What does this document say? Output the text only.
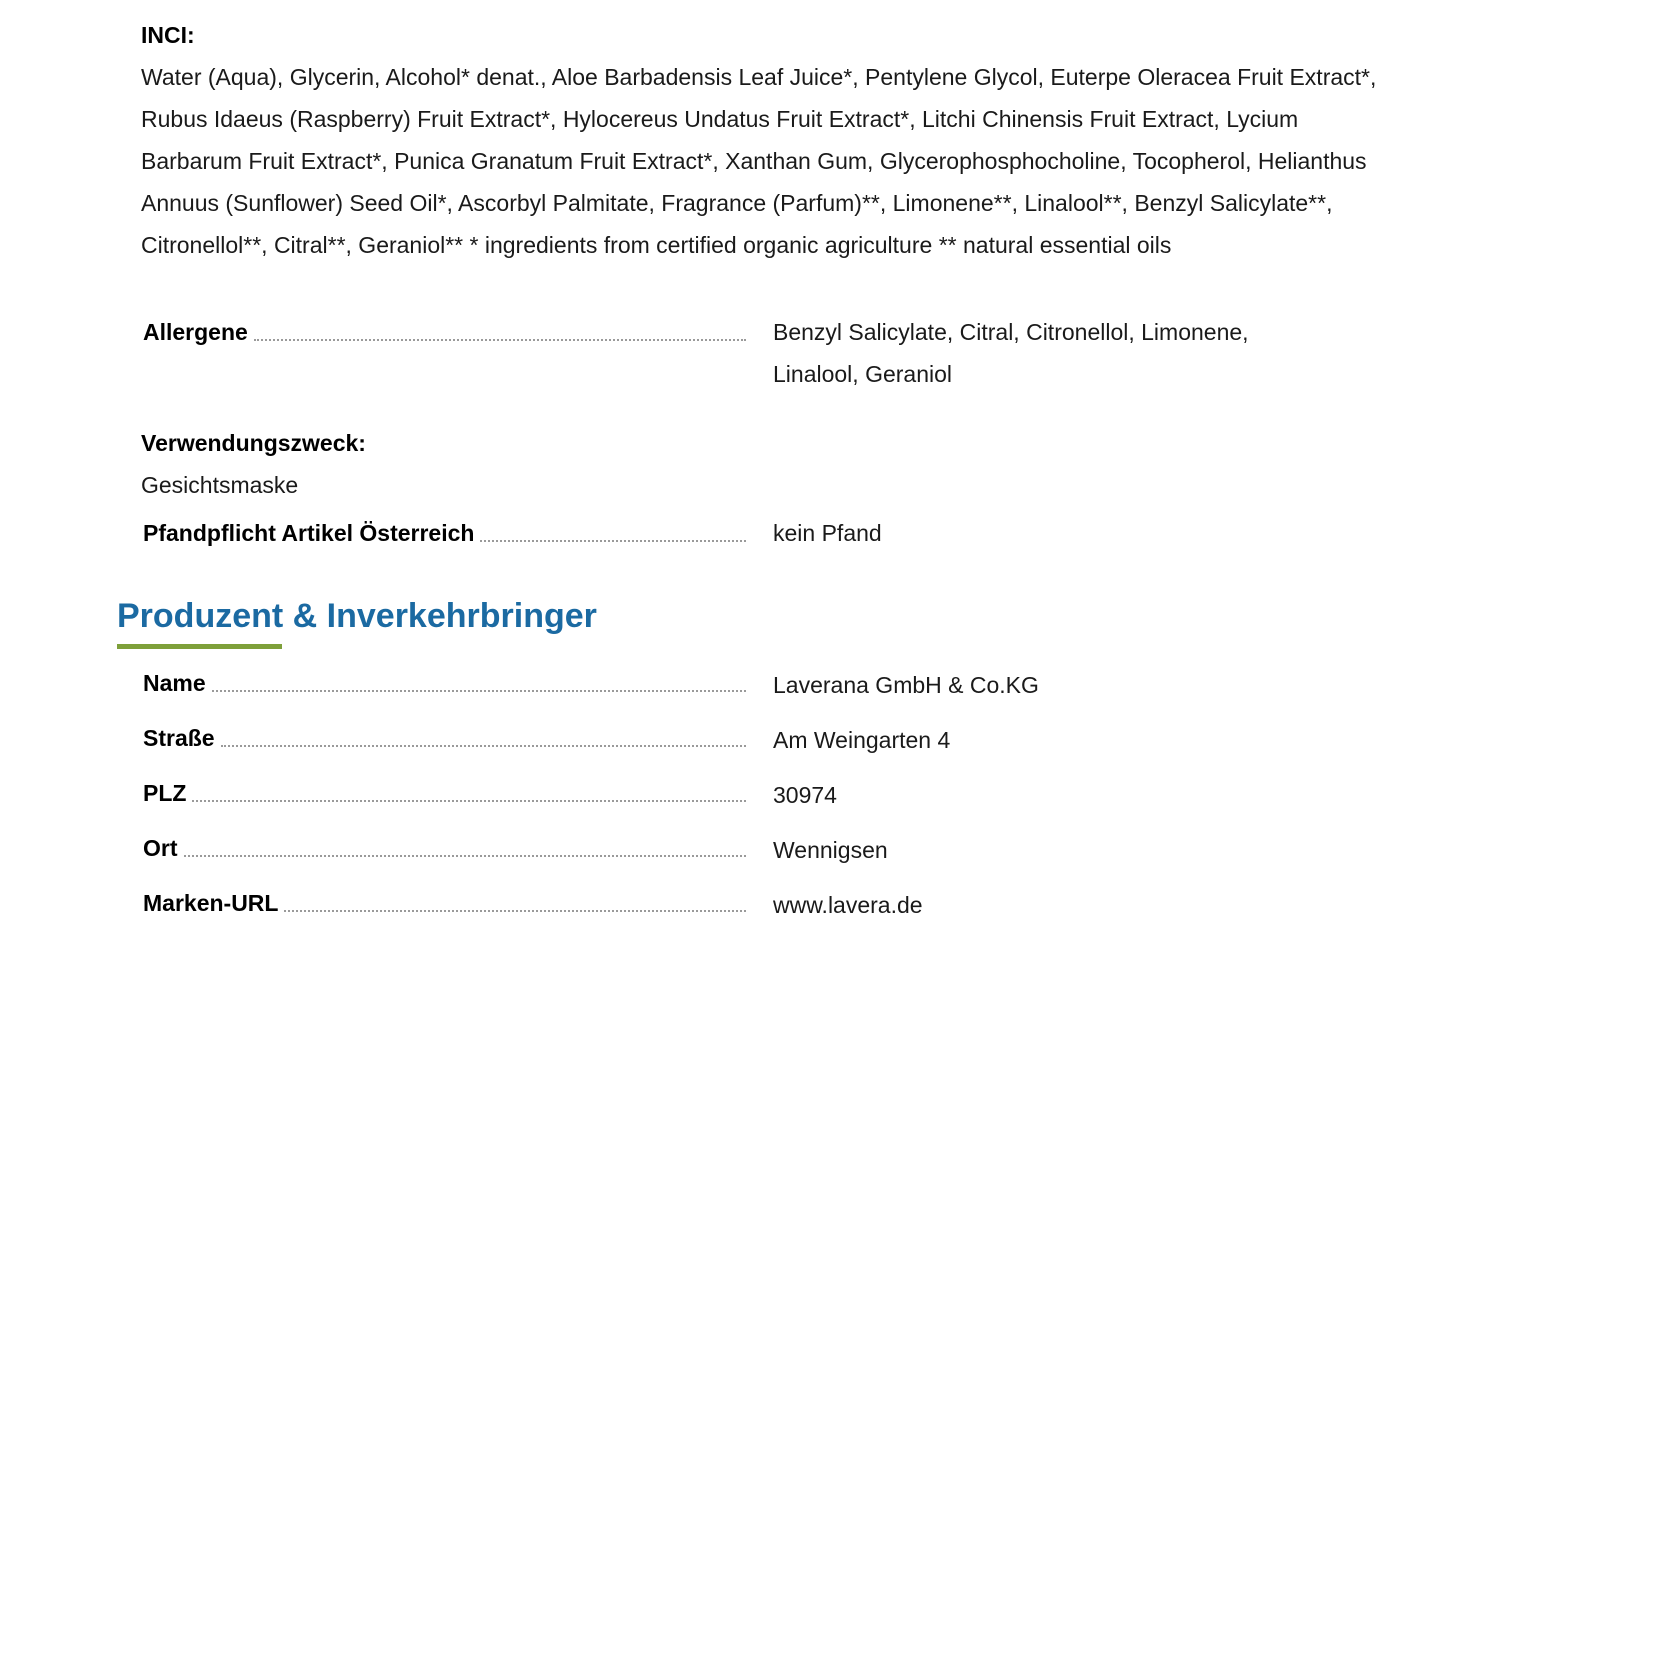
INCI:
Water (Aqua), Glycerin, Alcohol* denat., Aloe Barbadensis Leaf Juice*, Pentylene Glycol, Euterpe Oleracea Fruit Extract*, Rubus Idaeus (Raspberry) Fruit Extract*, Hylocereus Undatus Fruit Extract*, Litchi Chinensis Fruit Extract, Lycium Barbarum Fruit Extract*, Punica Granatum Fruit Extract*, Xanthan Gum, Glycerophosphocholine, Tocopherol, Helianthus Annuus (Sunflower) Seed Oil*, Ascorbyl Palmitate, Fragrance (Parfum)**, Limonene**, Linalool**, Benzyl Salicylate**, Citronellol**, Citral**, Geraniol** * ingredients from certified organic agriculture ** natural essential oils
Allergene	Benzyl Salicylate, Citral, Citronellol, Limonene, Linalool, Geraniol
Verwendungszweck:
Gesichtsmaske
Pfandpflicht Artikel Österreich	kein Pfand
Produzent & Inverkehrbringer
Name	Laverana GmbH & Co.KG
Straße	Am Weingarten 4
PLZ	30974
Ort	Wennigsen
Marken-URL	www.lavera.de
